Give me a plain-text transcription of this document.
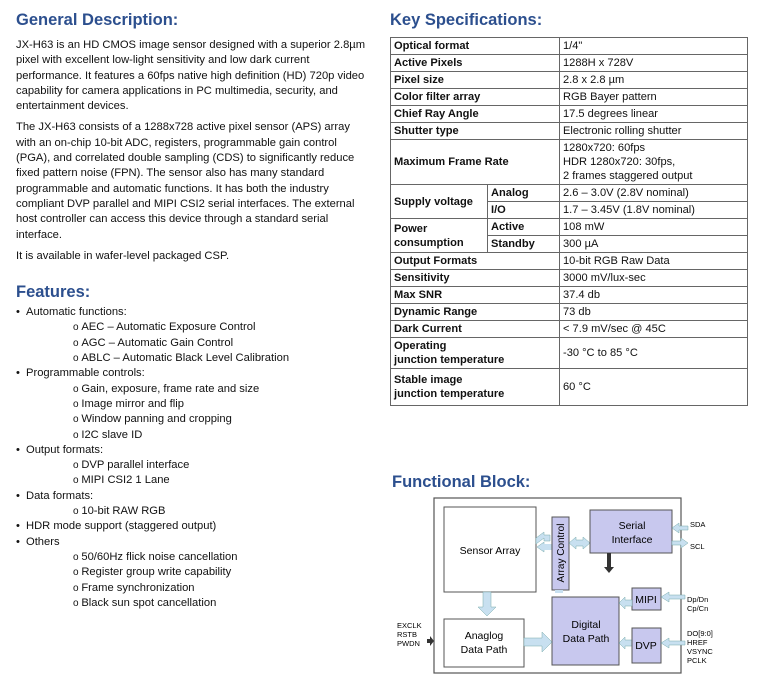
General Description:

JX-H63 is an HD CMOS image sensor designed with a superior 2.8µm pixel with excellent low-light sensitivity and low dark current performance. It features a 60fps native high definition (HD) 720p video capability for camera applications in PC multimedia, security, and entertainment devices.

The JX-H63 consists of a 1288x728 active pixel sensor (APS) array with an on-chip 10-bit ADC, registers, programmable gain control (PGA), and correlated double sampling (CDS) to significantly reduce fixed pattern noise (FPN). The sensor also has many standard programmable and automatic functions. It has both the industry compliant DVP parallel and MIPI CSI2 serial interfaces. The external host controller can access this device through a standard serial interface.

It is available in wafer-level packaged CSP.

Features:
• Automatic functions:
o AEC – Automatic Exposure Control
o AGC – Automatic Gain Control
o ABLC – Automatic Black Level Calibration
• Programmable controls:
o Gain, exposure, frame rate and size
o Image mirror and flip
o Window panning and cropping
o I2C slave ID
• Output formats:
o DVP parallel interface
o MIPI CSI2 1 Lane
• Data formats:
o 10-bit RAW RGB
• HDR mode support (staggered output)
• Others
o 50/60Hz flick noise cancellation
o Register group write capability
o Frame synchronization
o Black sun spot cancellation
Key Specifications:
Optical format		1/4"
Active Pixels		1288H x 728V
Pixel size		2.8 x 2.8 µm
Color filter array		RGB Bayer pattern
Chief Ray Angle		17.5 degrees linear
Shutter type		Electronic rolling shutter
Maximum Frame Rate		1280x720: 60fps
HDR 1280x720: 30fps,
2 frames staggered output

Supply voltage	Analog	2.6 – 3.0V (2.8V nominal)
	I/O	1.7 – 3.45V (1.8V nominal)

Power
consumption	Active	108 mW
	Standby	300 µA
Output Formats		10-bit RGB Raw Data
Sensitivity		3000 mV/lux-sec
Max SNR		37.4 db
Dynamic Range		73 db
Dark Current		< 7.9 mV/sec @ 45C

Operating
junction temperature		-30 °C to 85 °C

Stable image
junction temperature		60 °C
Functional Block:
Sensor Array	Array Control	Serial
Interface
MIPI
Digital
Data Path
DVP
Anaglog
Data Path
SDA
SCL
Dp/Dn
Cp/Cn
DO[9:0]
HREF
VSYNC
PCLK
EXCLK
RSTB
PWDN
